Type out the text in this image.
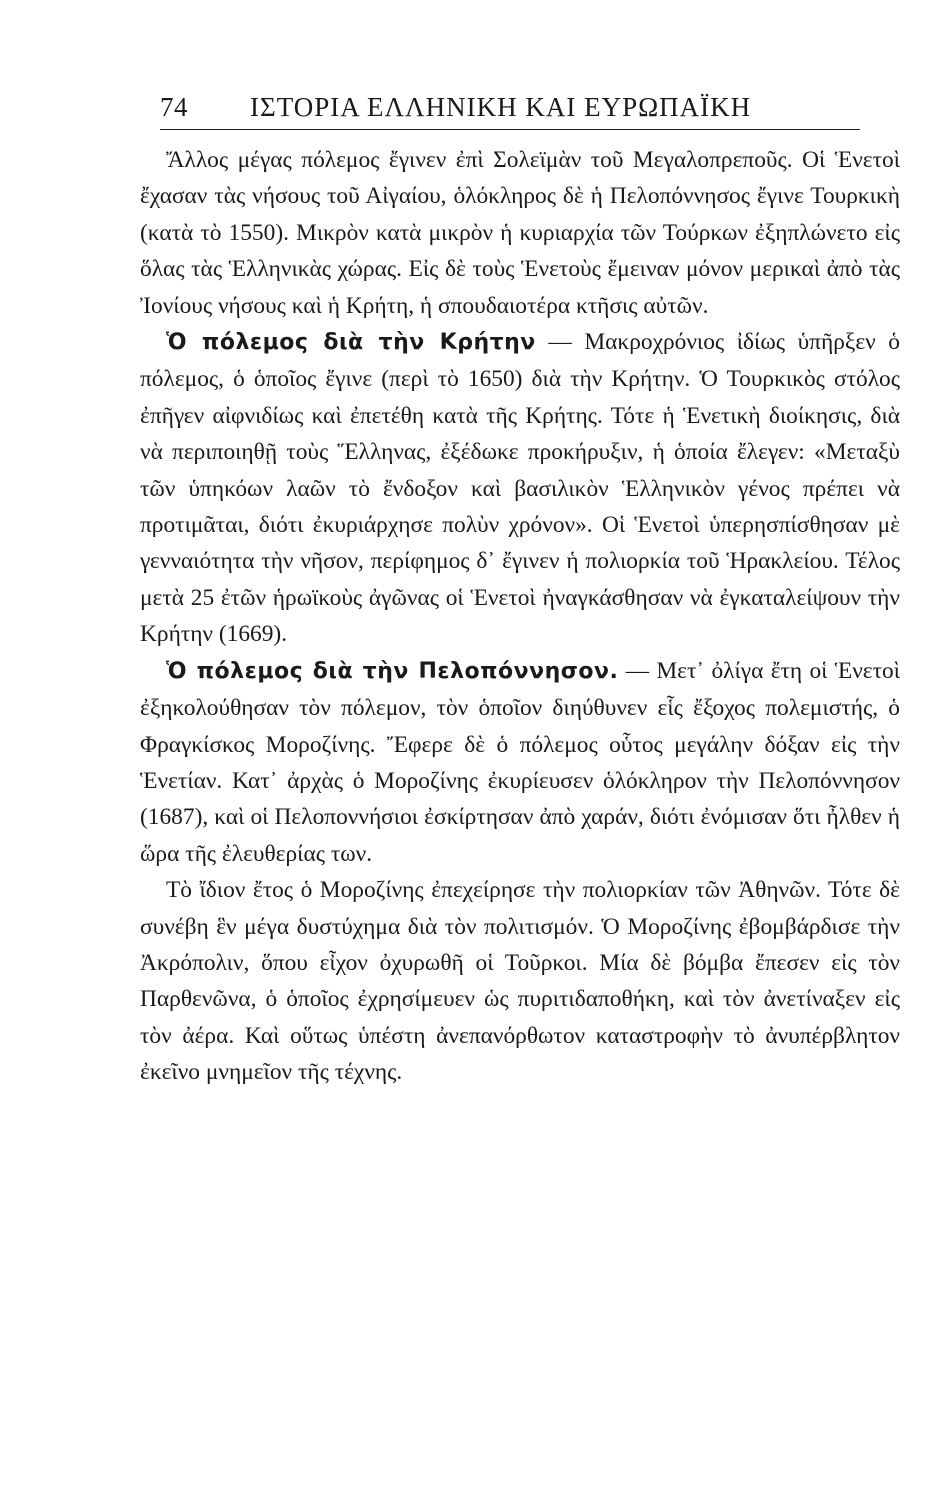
74	ΙΣΤΟΡΙΑ ΕΛΛΗΝΙΚΗ ΚΑΙ ΕΥΡΩΠΑΪΚΗ

Ἄλλος μέγας πόλεμος ἔγινεν ἐπὶ Σολεϊμὰν τοῦ Μεγαλοπρεποῦς. Οἱ Ἑνετοὶ ἔχασαν τὰς νήσους τοῦ Αἰγαίου, ὁλόκληρος δὲ ἡ Πελοπόννησος ἔγινε Τουρκικὴ (κατὰ τὸ 1550). Μικρὸν κατὰ μικρὸν ἡ κυριαρχία τῶν Τούρκων ἐξηπλώνετο εἰς ὅλας τὰς Ἑλληνικὰς χώρας. Εἰς δὲ τοὺς Ἑνετοὺς ἔμειναν μόνον μερικαὶ ἀπὸ τὰς Ἰονίους νήσους καὶ ἡ Κρήτη, ἡ σπουδαιοτέρα κτῆσις αὐτῶν.

Ὁ πόλεμος διὰ τὴν Κρήτην — Μακροχρόνιος ἰδίως ὑπῆρξεν ὁ πόλεμος, ὁ ὁποῖος ἔγινε (περὶ τὸ 1650) διὰ τὴν Κρήτην. Ὁ Τουρκικὸς στόλος ἐπῆγεν αἰφνιδίως καὶ ἐπετέθη κατὰ τῆς Κρήτης. Τότε ἡ Ἑνετικὴ διοίκησις, διὰ νὰ περιποιηθῇ τοὺς Ἕλληνας, ἐξέδωκε προκήρυξιν, ἡ ὁποία ἔλεγεν: «Μεταξὺ τῶν ὑπηκόων λαῶν τὸ ἔνδοξον καὶ βασιλικὸν Ἑλληνικὸν γένος πρέπει νὰ προτιμᾶται, διότι ἐκυριάρχησε πολὺν χρόνον». Οἱ Ἑνετοὶ ὑπερησπίσθησαν μὲ γενναιότητα τὴν νῆσον, περίφημος δ᾽ ἔγινεν ἡ πολιορκία τοῦ Ἡρακλείου. Τέλος μετὰ 25 ἐτῶν ἡρωϊκοὺς ἀγῶνας οἱ Ἑνετοὶ ἠναγκάσθησαν νὰ ἐγκαταλείψουν τὴν Κρήτην (1669).

Ὁ πόλεμος διὰ τὴν Πελοπόννησον. — Μετ᾽ ὀλίγα ἔτη οἱ Ἑνετοὶ ἐξηκολούθησαν τὸν πόλεμον, τὸν ὁποῖον διηύθυνεν εἷς ἔξοχος πολεμιστής, ὁ Φραγκίσκος Μοροζίνης. Ἔφερε δὲ ὁ πόλεμος οὗτος μεγάλην δόξαν εἰς τὴν Ἑνετίαν. Κατ᾽ ἀρχὰς ὁ Μοροζίνης ἐκυρίευσεν ὁλόκληρον τὴν Πελοπόννησον (1687), καὶ οἱ Πελοποννήσιοι ἐσκίρτησαν ἀπὸ χαράν, διότι ἐνόμισαν ὅτι ἦλθεν ἡ ὥρα τῆς ἐλευθερίας των.

Τὸ ἴδιον ἔτος ὁ Μοροζίνης ἐπεχείρησε τὴν πολιορκίαν τῶν Ἀθηνῶν. Τότε δὲ συνέβη ἓν μέγα δυστύχημα διὰ τὸν πολιτισμόν. Ὁ Μοροζίνης ἐβομβάρδισε τὴν Ἀκρόπολιν, ὅπου εἶχον ὀχυρωθῆ οἱ Τοῦρκοι. Μία δὲ βόμβα ἔπεσεν εἰς τὸν Παρθενῶνα, ὁ ὁποῖος ἐχρησίμευεν ὡς πυριτιδαποθήκη, καὶ τὸν ἀνετίναξεν εἰς τὸν ἀέρα. Καὶ οὕτως ὑπέστη ἀνεπανόρθωτον καταστροφὴν τὸ ἀνυπέρβλητον ἐκεῖνο μνημεῖον τῆς τέχνης.
